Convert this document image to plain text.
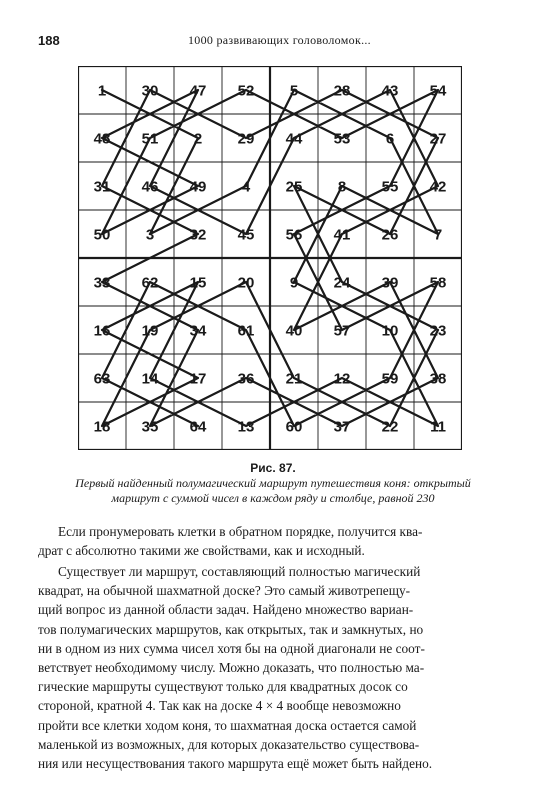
188	1000 развивающих головоломок...
1 30 47 52 5 28 43 54
48 51 2 29 44 53 6 27
31 46 49 4 25 8 55 42
50 3 32 45 56 41 26 7
33 62 15 20 9 24 39 58
16 19 34 61 40 57 10 23
63 14 17 36 21 12 59 38
18 35 64 13 60 37 22 11
Рис. 87.
Первый найденный полумагический маршрут путешествия коня: открытый
маршрут с суммой чисел в каждом ряду и столбце, равной 230

Если пронумеровать клетки в обратном порядке, получится ква-

драт с абсолютно такими же свойствами, как и исходный.
Существует ли маршрут, составляющий полностью магический
квадрат, на обычной шахматной доске? Это самый животрепещу-
щий вопрос из данной области задач. Найдено множество вариан-
тов полумагических маршрутов, как открытых, так и замкнутых, но
ни в одном из них сумма чисел хотя бы на одной диагонали не соот-
ветствует необходимому числу. Можно доказать, что полностью ма-
гические маршруты существуют только для квадратных досок со
стороной, кратной 4. Так как на доске 4 × 4 вообще невозможно
пройти все клетки ходом коня, то шахматная доска остается самой
маленькой из возможных, для которых доказательство существова-
ния или несуществования такого маршрута ещё может быть найдено.
